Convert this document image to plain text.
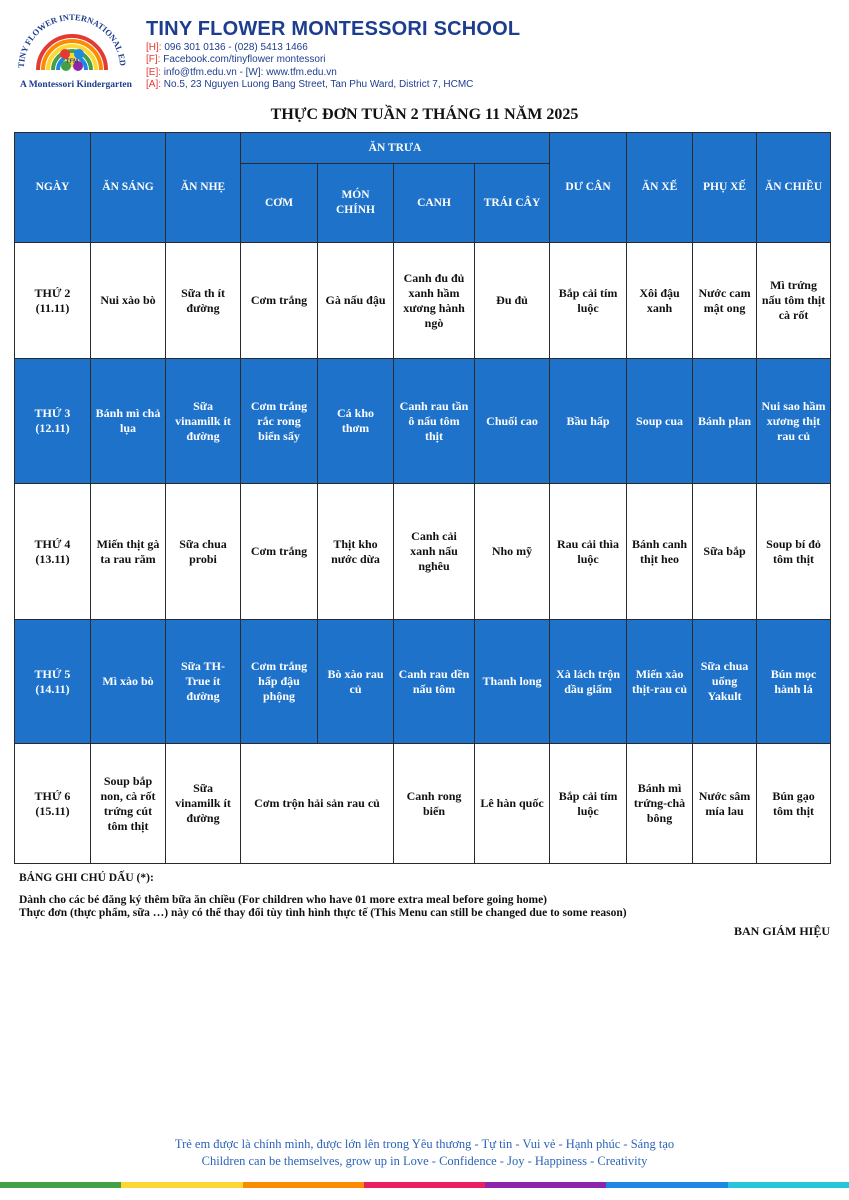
TINY FLOWER INTERNATIONAL ED
TFM
A Montessori Kindergarten
TINY FLOWER MONTESSORI SCHOOL
[H]: 096 301 0136 - (028) 5413 1466
[F]: Facebook.com/tinyflower montessori
[E]: info@tfm.edu.vn - [W]: www.tfm.edu.vn
[A]: No.5, 23 Nguyen Luong Bang Street, Tan Phu Ward, District 7, HCMC
THỰC ĐƠN TUẦN 2 THÁNG 11 NĂM 2025
NGÀY	ĂN SÁNG	ĂN NHẸ	ĂN TRƯA				DƯ CÂN	ĂN XẾ	PHỤ XẾ	ĂN CHIỀU
			CƠM	MÓN CHÍNH	CANH	TRÁI CÂY				

THỨ 2
(11.11)	Nui xào bò	Sữa th ít đường	Cơm trắng	Gà nấu đậu	Canh đu đủ xanh hầm xương hành ngò	Đu đủ	Bắp cải tím luộc	Xôi đậu xanh	Nước cam mật ong	Mì trứng nấu tôm thịt cà rốt

THỨ 3
(12.11)	Bánh mì chả lụa	Sữa vinamilk ít đường	Cơm trắng rắc rong biển sấy	Cá kho thơm	Canh rau tần ô nấu tôm thịt	Chuối cao	Bầu hấp	Soup cua	Bánh plan	Nui sao hầm xương thịt rau củ

THỨ 4
(13.11)	Miến thịt gà ta rau răm	Sữa chua probi	Cơm trắng	Thịt kho nước dừa	Canh cải xanh nấu nghêu	Nho mỹ	Rau cải thìa luộc	Bánh canh thịt heo	Sữa bắp	Soup bí đỏ tôm thịt

THỨ 5
(14.11)	Mì xào bò	Sữa TH-True ít đường	Cơm trắng hấp đậu phộng	Bò xào rau củ	Canh rau dền nấu tôm	Thanh long	Xà lách trộn dầu giấm	Miến xào thịt-rau củ	Sữa chua uống Yakult	Bún mọc hành lá

THỨ 6
(15.11)	Soup bắp non, cà rốt trứng cút tôm thịt	Sữa vinamilk ít đường	Cơm trộn hải sản rau củ		Canh rong biển	Lê hàn quốc	Bắp cải tím luộc	Bánh mì trứng-chà bông	Nước sâm mía lau	Bún gạo tôm thịt
BẢNG GHI CHÚ DẤU (*):
Dành cho các bé đăng ký thêm bữa ăn chiều (For children who have 01 more extra meal before going home)
Thực đơn (thực phẩm, sữa …) này có thể thay đổi tùy tình hình thực tế (This Menu can still be changed due to some reason)
BAN GIÁM HIỆU
Trẻ em được là chính mình, được lớn lên trong Yêu thương - Tự tin - Vui vẻ - Hạnh phúc - Sáng tạo
Children can be themselves, grow up in Love - Confidence - Joy - Happiness - Creativity
